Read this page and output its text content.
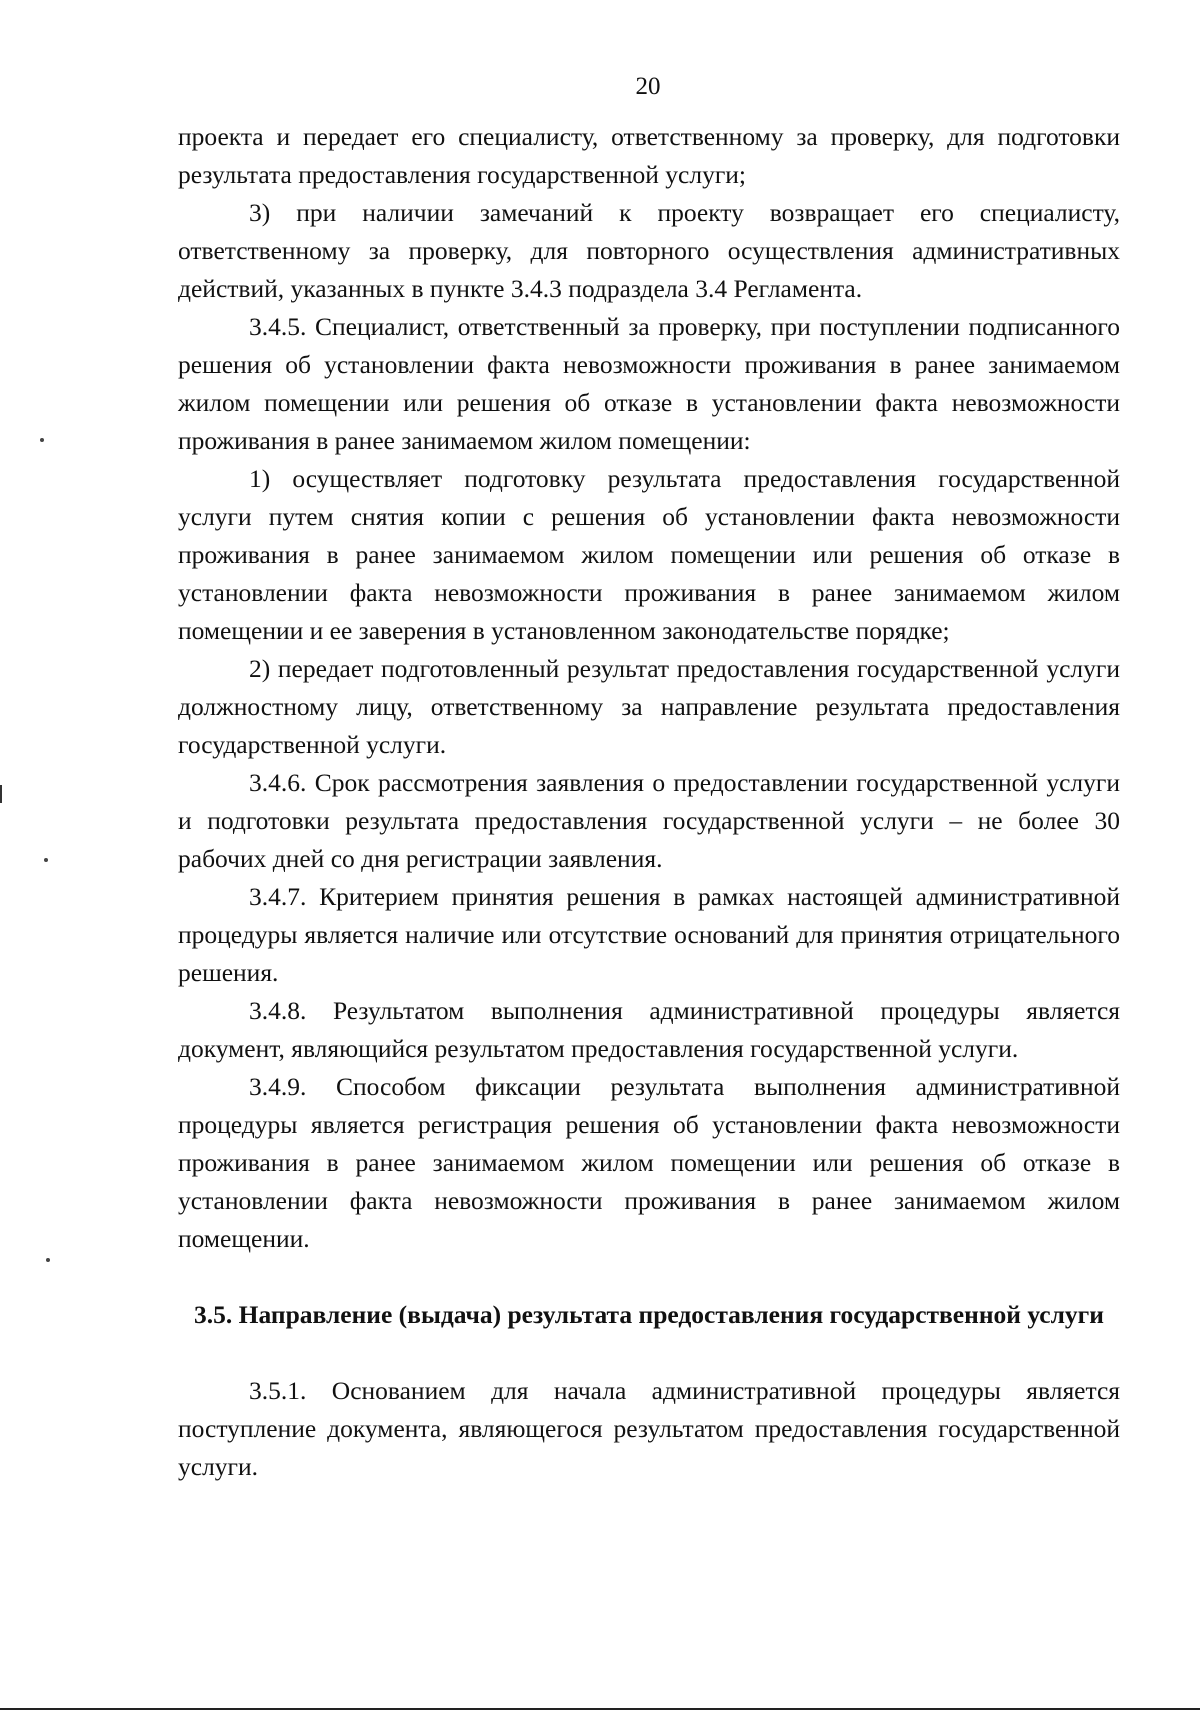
20

проекта и передает его специалисту, ответственному за проверку, для подготовки результата предоставления государственной услуги;

3) при наличии замечаний к проекту возвращает его специалисту, ответственному за проверку, для повторного осуществления административных действий, указанных в пункте 3.4.3 подраздела 3.4 Регламента.

3.4.5. Специалист, ответственный за проверку, при поступлении подписанного решения об установлении факта невозможности проживания в ранее занимаемом жилом помещении или решения об отказе в установлении факта невозможности проживания в ранее занимаемом жилом помещении:

1) осуществляет подготовку результата предоставления государственной услуги путем снятия копии с решения об установлении факта невозможности проживания в ранее занимаемом жилом помещении или решения об отказе в установлении факта невозможности проживания в ранее занимаемом жилом помещении и ее заверения в установленном законодательстве порядке;

2) передает подготовленный результат предоставления государственной услуги должностному лицу, ответственному за направление результата предоставления государственной услуги.

3.4.6. Срок рассмотрения заявления о предоставлении государственной услуги и подготовки результата предоставления государственной услуги – не более 30 рабочих дней со дня регистрации заявления.

3.4.7. Критерием принятия решения в рамках настоящей административной процедуры является наличие или отсутствие оснований для принятия отрицательного решения.

3.4.8. Результатом выполнения административной процедуры является документ, являющийся результатом предоставления государственной услуги.

3.4.9. Способом фиксации результата выполнения административной процедуры является регистрация решения об установлении факта невозможности проживания в ранее занимаемом жилом помещении или решения об отказе в установлении факта невозможности проживания в ранее занимаемом жилом помещении.

3.5. Направление (выдача) результата предоставления государственной услуги

3.5.1. Основанием для начала административной процедуры является поступление документа, являющегося результатом предоставления государственной услуги.
